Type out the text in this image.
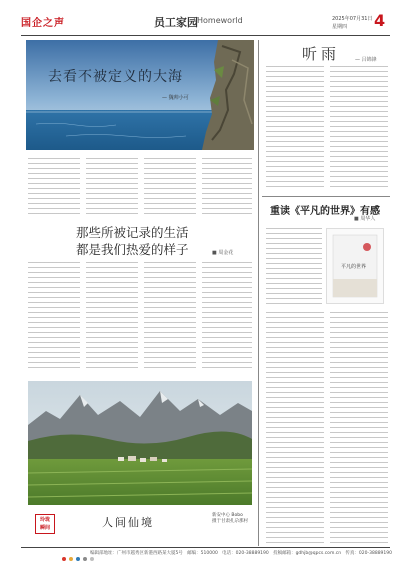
国企之声	员工家园 Homeworld	2025年07月31日
星期四 4
去看不被定义的大海
— 魏帅小可
听雨	— 吕锦锋
重读《平凡的世界》有感
■ 周华人
平凡的世界
那些所被记录的生活
都是我们热爱的样子	■ 周金花
玲珑
瞬间	人间仙境
新安中心 Bobo
摄于甘肃扎尕那村
编辑部地址：广州市越秀区新港西路某大厦5号 邮编：510000 电话：020-38889190 投稿邮箱：gdhjb@qpcs.com.cn 传真：020-38889190
